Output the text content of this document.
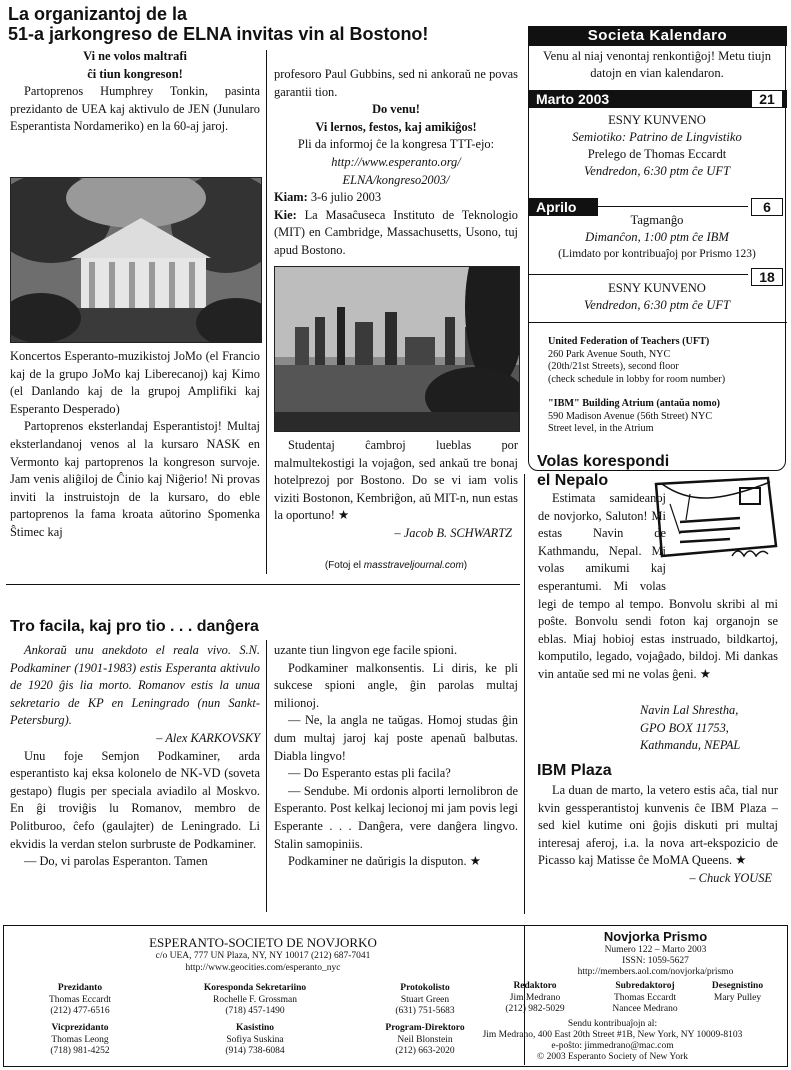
La organizantoj de la
51-a jarkongreso de ELNA invitas vin al Bostono!
Vi ne volos maltrafi
ĉi tiun kongreson!

Partoprenos Humphrey Tonkin, pasinta prezidanto de UEA kaj aktivulo de JEN (Junularo Esperantista Nordameriko) en la 60-aj jaroj.

Koncertos Esperanto-muzikistoj JoMo (el Francio kaj de la grupo JoMo kaj Liberecanoj) kaj Kimo (el Danlando kaj de la grupoj Amplifiki kaj Esperanto Desperado)

Partoprenos eksterlandaj Esperantistoj! Multaj eksterlandanoj venos al la kursaro NASK en Vermonto kaj partoprenos la kongreson survoje. Jam venis aliĝiloj de Ĉinio kaj Niĝerio! Ni provas inviti la instruistojn de la kursaro, do eble partoprenos la fama kroata aŭtorino Spomenka Ŝtimec kaj

profesoro Paul Gubbins, sed ni ankoraŭ ne povas garantii tion.

Do venu!
Vi lernos, festos, kaj amikiĝos!

Pli da informoj ĉe la kongresa TTT-ejo:

http://www.esperanto.org/
ELNA/kongreso2003/

Kiam: 3-6 julio 2003

Kie: La Masaĉuseca Instituto de Teknologio (MIT) en Cambridge, Massachusetts, Usono, tuj apud Bostono.

Studentaj ĉambroj lueblas por malmultekostigi la vojaĝon, sed ankaŭ tre bonaj hotelprezoj por Bostono. Do se vi iam volis viziti Bostonon, Kembriĝon, aŭ MIT-n, nun estas la oportuno! ★

– Jacob B. SCHWARTZ
(Fotoj el masstraveljournal.com)
Societa Kalendaro
Venu al niaj venontaj renkontiĝoj! Metu tiujn datojn en vian kalendaron.
Marto 2003	21
ESNY KUNVENO
Semiotiko: Patrino de Lingvistiko
Prelego de Thomas Eccardt
Vendredon, 6:30 ptm ĉe UFT
Aprilo	6
Tagmanĝo
Dimanĉon, 1:00 ptm ĉe IBM
(Limdato por kontribuaĵoj por Prismo 123)
18
ESNY KUNVENO
Vendredon, 6:30 ptm ĉe UFT
United Federation of Teachers (UFT)
260 Park Avenue South, NYC
(20th/21st Streets), second floor
(check schedule in lobby for room number)
"IBM" Building Atrium (antaŭa nomo)
590 Madison Avenue (56th Street) NYC
Street level, in the Atrium
Volas korespondi
el Nepalo

Estimata samideanoj de novjorko, Saluton! Mi estas Navin de Kathmandu, Nepal. Mi volas amikumi kaj esperantumi. Mi volas legi de tempo al tempo. Bonvolu skribi al mi poŝte. Bonvolu sendi foton kaj organojn se eblas. Miaj hobioj estas instruado, bildkartoj, komputilo, legado, vojaĝado, bildoj. Mi dankas vin antaŭe sed mi ne volas ĝeni. ★

Navin Lal Shrestha,
GPO BOX 11753,
Kathmandu, NEPAL
IBM Plaza

La duan de marto, la vetero estis aĉa, tial nur kvin gessperantistoj kunvenis ĉe IBM Plaza – sed kiel kutime oni ĝojis diskuti pri multaj interesaj aferoj, i.a. la nova art-ekspozicio de Picasso kaj Matisse ĉe MoMA Queens. ★

– Chuck YOUSE
Tro facila, kaj pro tio . . . danĝera

Ankoraŭ unu anekdoto el reala vivo. S.N. Podkaminer (1901-1983) estis Esperanta aktivulo de 1920 ĝis lia morto. Romanov estis la unua sekretario de KP en Leningrado (nun Sankt-Petersburg).

– Alex KARKOVSKY

Unu foje Semjon Podkaminer, arda esperantisto kaj eksa kolonelo de NK-VD (soveta gestapo) flugis per speciala aviadilo al Moskvo. En ĝi troviĝis lu Romanov, membro de Politburoo, ĉefo (gaulajter) de Leningrado. Li ekvidis la verdan stelon surbruste de Podkaminer.

— Do, vi parolas Esperanton. Tamen

uzante tiun lingvon ege facile spioni.

Podkaminer malkonsentis. Li diris, ke pli sukcese spioni angle, ĝin parolas multaj milionoj.

— Ne, la angla ne taŭgas. Homoj studas ĝin dum multaj jaroj kaj poste apenaŭ balbutas. Diabla lingvo!

— Do Esperanto estas pli facila?

— Sendube. Mi ordonis alporti lernolibron de Esperanto. Post kelkaj lecionoj mi jam povis legi Esperante . . . Danĝera, vere danĝera lingvo. Stalin samopiniis.

Podkaminer ne daŭrigis la disputon. ★

ESPERANTO-SOCIETO DE NOVJORKO
c/o UEA, 777 UN Plaza, NY, NY 10017 (212) 687-7041
http://www.geocities.com/esperanto_nyc
Prezidanto
Thomas Eccardt
(212) 477-6516
Koresponda Sekretariino
Rochelle F. Grossman
(718) 457-1490
Protokolisto
Stuart Green
(631) 751-5683
Vicprezidanto
Thomas Leong
(718) 981-4252
Kasistino
Sofiya Suskina
(914) 738-6084
Program-Direktoro
Neil Blonstein
(212) 663-2020
Novjorka Prismo
Numero 122 – Marto 2003
ISSN: 1059-5627
http://members.aol.com/novjorka/prismo
Redaktoro
Jim Medrano
(212) 982-5029
Subredaktoroj
Thomas Eccardt
Nancee Medrano
Desegnistino
Mary Pulley
Sendu kontribuaĵojn al:
Jim Medrano, 400 East 20th Street #1B, New York, NY 10009-8103
e-poŝto: jimmedrano@mac.com
© 2003 Esperanto Society of New York
